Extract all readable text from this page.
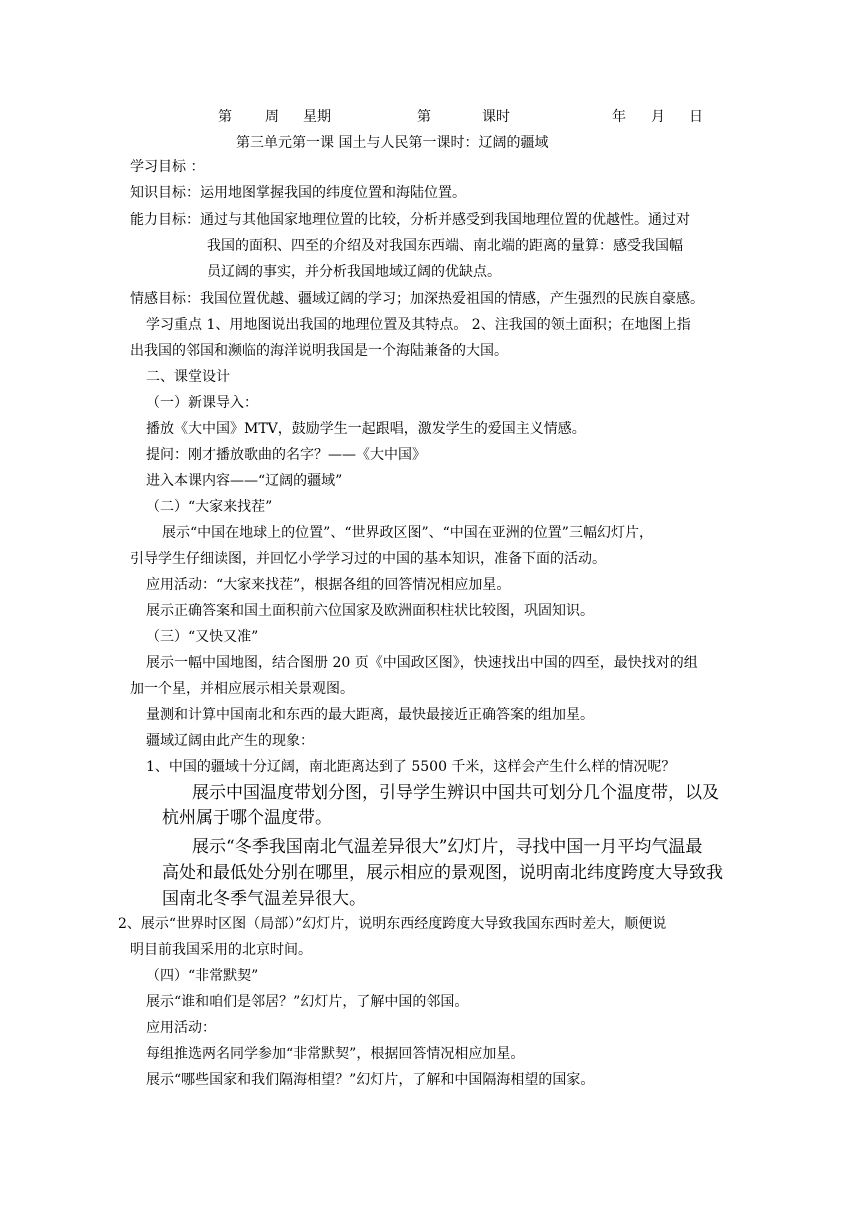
第 周 星期	第	课时	年 月 日
第三单元第一课 国土与人民第一课时：辽阔的疆域
学习目标 ：
知识目标：运用地图掌握我国的纬度位置和海陆位置。
能力目标：通过与其他国家地理位置的比较，分析并感受到我国地理位置的优越性。通过对
我国的面积、四至的介绍及对我国东西端、南北端的距离的量算：感受我国幅
员辽阔的事实，并分析我国地域辽阔的优缺点。
情感目标：我国位置优越、疆域辽阔的学习；加深热爱祖国的情感，产生强烈的民族自豪感。
学习重点 1、用地图说出我国的地理位置及其特点。 2、注我国的领土面积；在地图上指
出我国的邻国和濒临的海洋说明我国是一个海陆兼备的大国。
二、课堂设计
（一）新课导入：
播放《大中国》MTV，鼓励学生一起跟唱，激发学生的爱国主义情感。
提问：刚才播放歌曲的名字？——《大中国》
进入本课内容——“辽阔的疆域”
（二）“大家来找茬”
展示“中国在地球上的位置”、“世界政区图”、“中国在亚洲的位置”三幅幻灯片，
引导学生仔细读图，并回忆小学学习过的中国的基本知识，准备下面的活动。
应用活动：“大家来找茬”，根据各组的回答情况相应加星。
展示正确答案和国土面积前六位国家及欧洲面积柱状比较图，巩固知识。
（三）“又快又准”
展示一幅中国地图，结合图册 20 页《中国政区图》，快速找出中国的四至，最快找对的组
加一个星，并相应展示相关景观图。
量测和计算中国南北和东西的最大距离，最快最接近正确答案的组加星。
疆域辽阔由此产生的现象：
1、中国的疆域十分辽阔，南北距离达到了 5500 千米，这样会产生什么样的情况呢？
展示中国温度带划分图，引导学生辨识中国共可划分几个温度带，以及
杭州属于哪个温度带。
展示“冬季我国南北气温差异很大”幻灯片，寻找中国一月平均气温最
高处和最低处分别在哪里，展示相应的景观图，说明南北纬度跨度大导致我
国南北冬季气温差异很大。
2、展示“世界时区图（局部）”幻灯片，说明东西经度跨度大导致我国东西时差大，顺便说
明目前我国采用的北京时间。
（四）“非常默契”
展示“谁和咱们是邻居？”幻灯片，了解中国的邻国。
应用活动：
每组推选两名同学参加“非常默契”，根据回答情况相应加星。
展示“哪些国家和我们隔海相望？”幻灯片，了解和中国隔海相望的国家。
